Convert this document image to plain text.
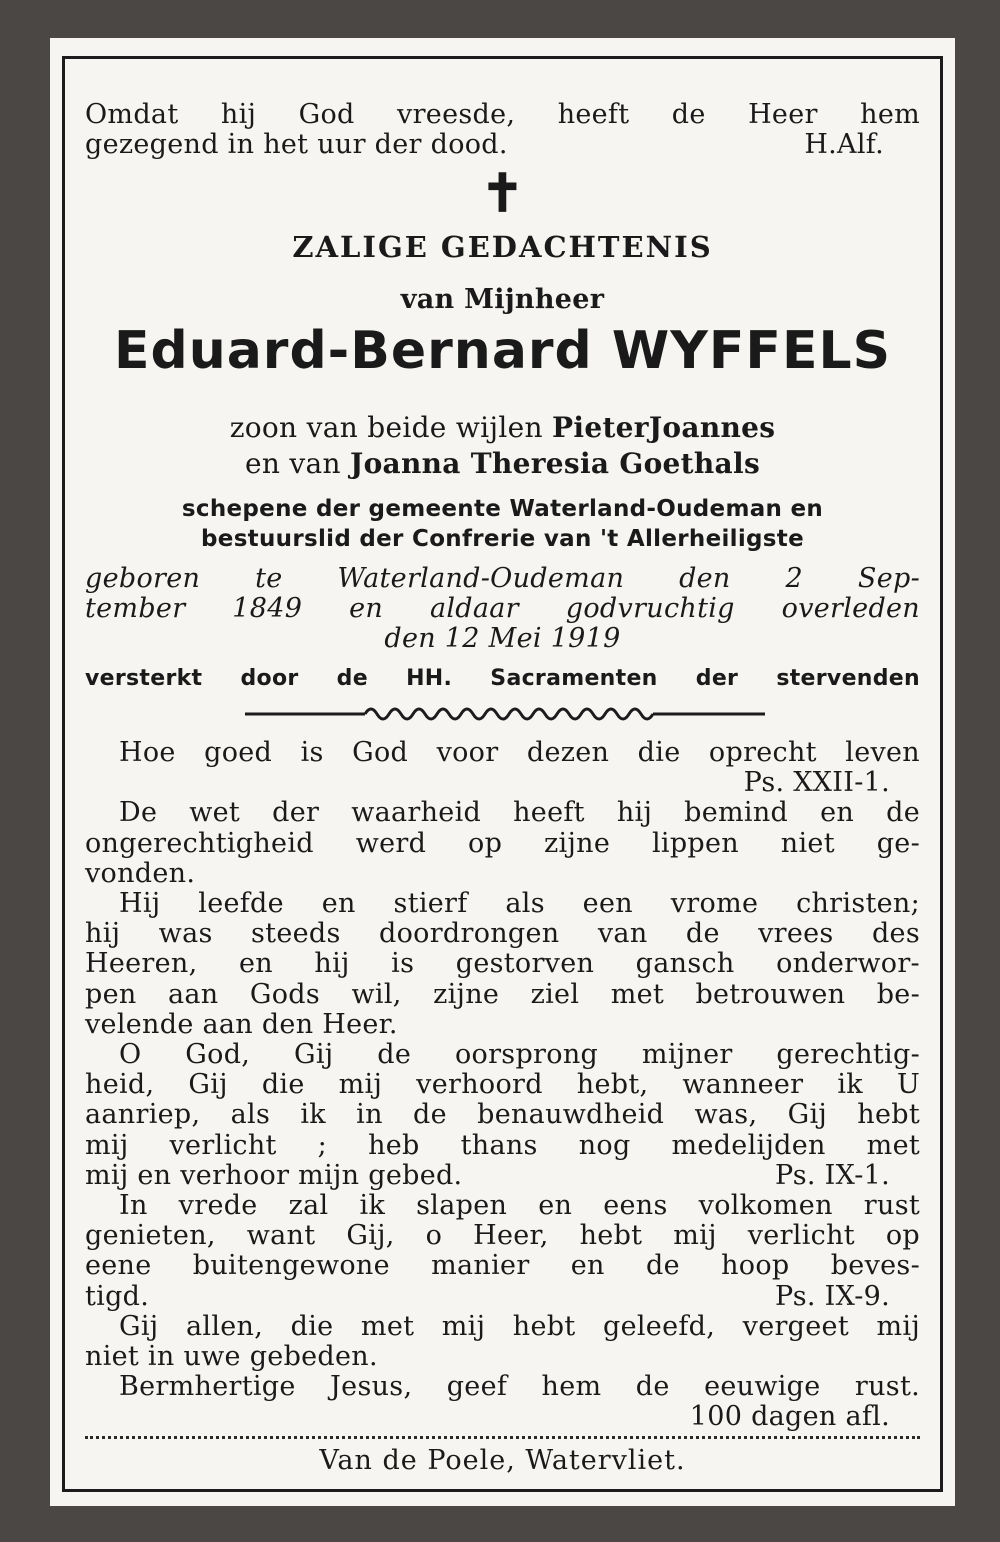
Omdat hij God vreesde, heeft de Heer hem
gezegend in het uur der dood.	H.Alf.
✝
ZALIGE GEDACHTENIS
van Mijnheer
Eduard-Bernard WYFFELS
zoon van beide wijlen PieterJoannes
en van Joanna Theresia Goethals
schepene der gemeente Waterland-Oudeman en
bestuurslid der Confrerie van 't Allerheiligste
geboren te Waterland-Oudeman den 2 Sep-
tember 1849 en aldaar godvruchtig overleden
den 12 Mei 1919
versterkt door de HH. Sacramenten der stervenden
Hoe goed is God voor dezen die oprecht leven
Ps. XXII-1.
De wet der waarheid heeft hij bemind en de
ongerechtigheid werd op zijne lippen niet ge-
vonden.
Hij leefde en stierf als een vrome christen;
hij was steeds doordrongen van de vrees des
Heeren, en hij is gestorven gansch onderwor-
pen aan Gods wil, zijne ziel met betrouwen be-
velende aan den Heer.
O God, Gij de oorsprong mijner gerechtig-
heid, Gij die mij verhoord hebt, wanneer ik U
aanriep, als ik in de benauwdheid was, Gij hebt
mij verlicht ; heb thans nog medelijden met
mij en verhoor mijn gebed.	Ps. IX-1.
In vrede zal ik slapen en eens volkomen rust
genieten, want Gij, o Heer, hebt mij verlicht op
eene buitengewone manier en de hoop beves-
tigd.	Ps. IX-9.
Gij allen, die met mij hebt geleefd, vergeet mij
niet in uwe gebeden.
Bermhertige Jesus, geef hem de eeuwige rust.
100 dagen afl.
Van de Poele, Watervliet.
